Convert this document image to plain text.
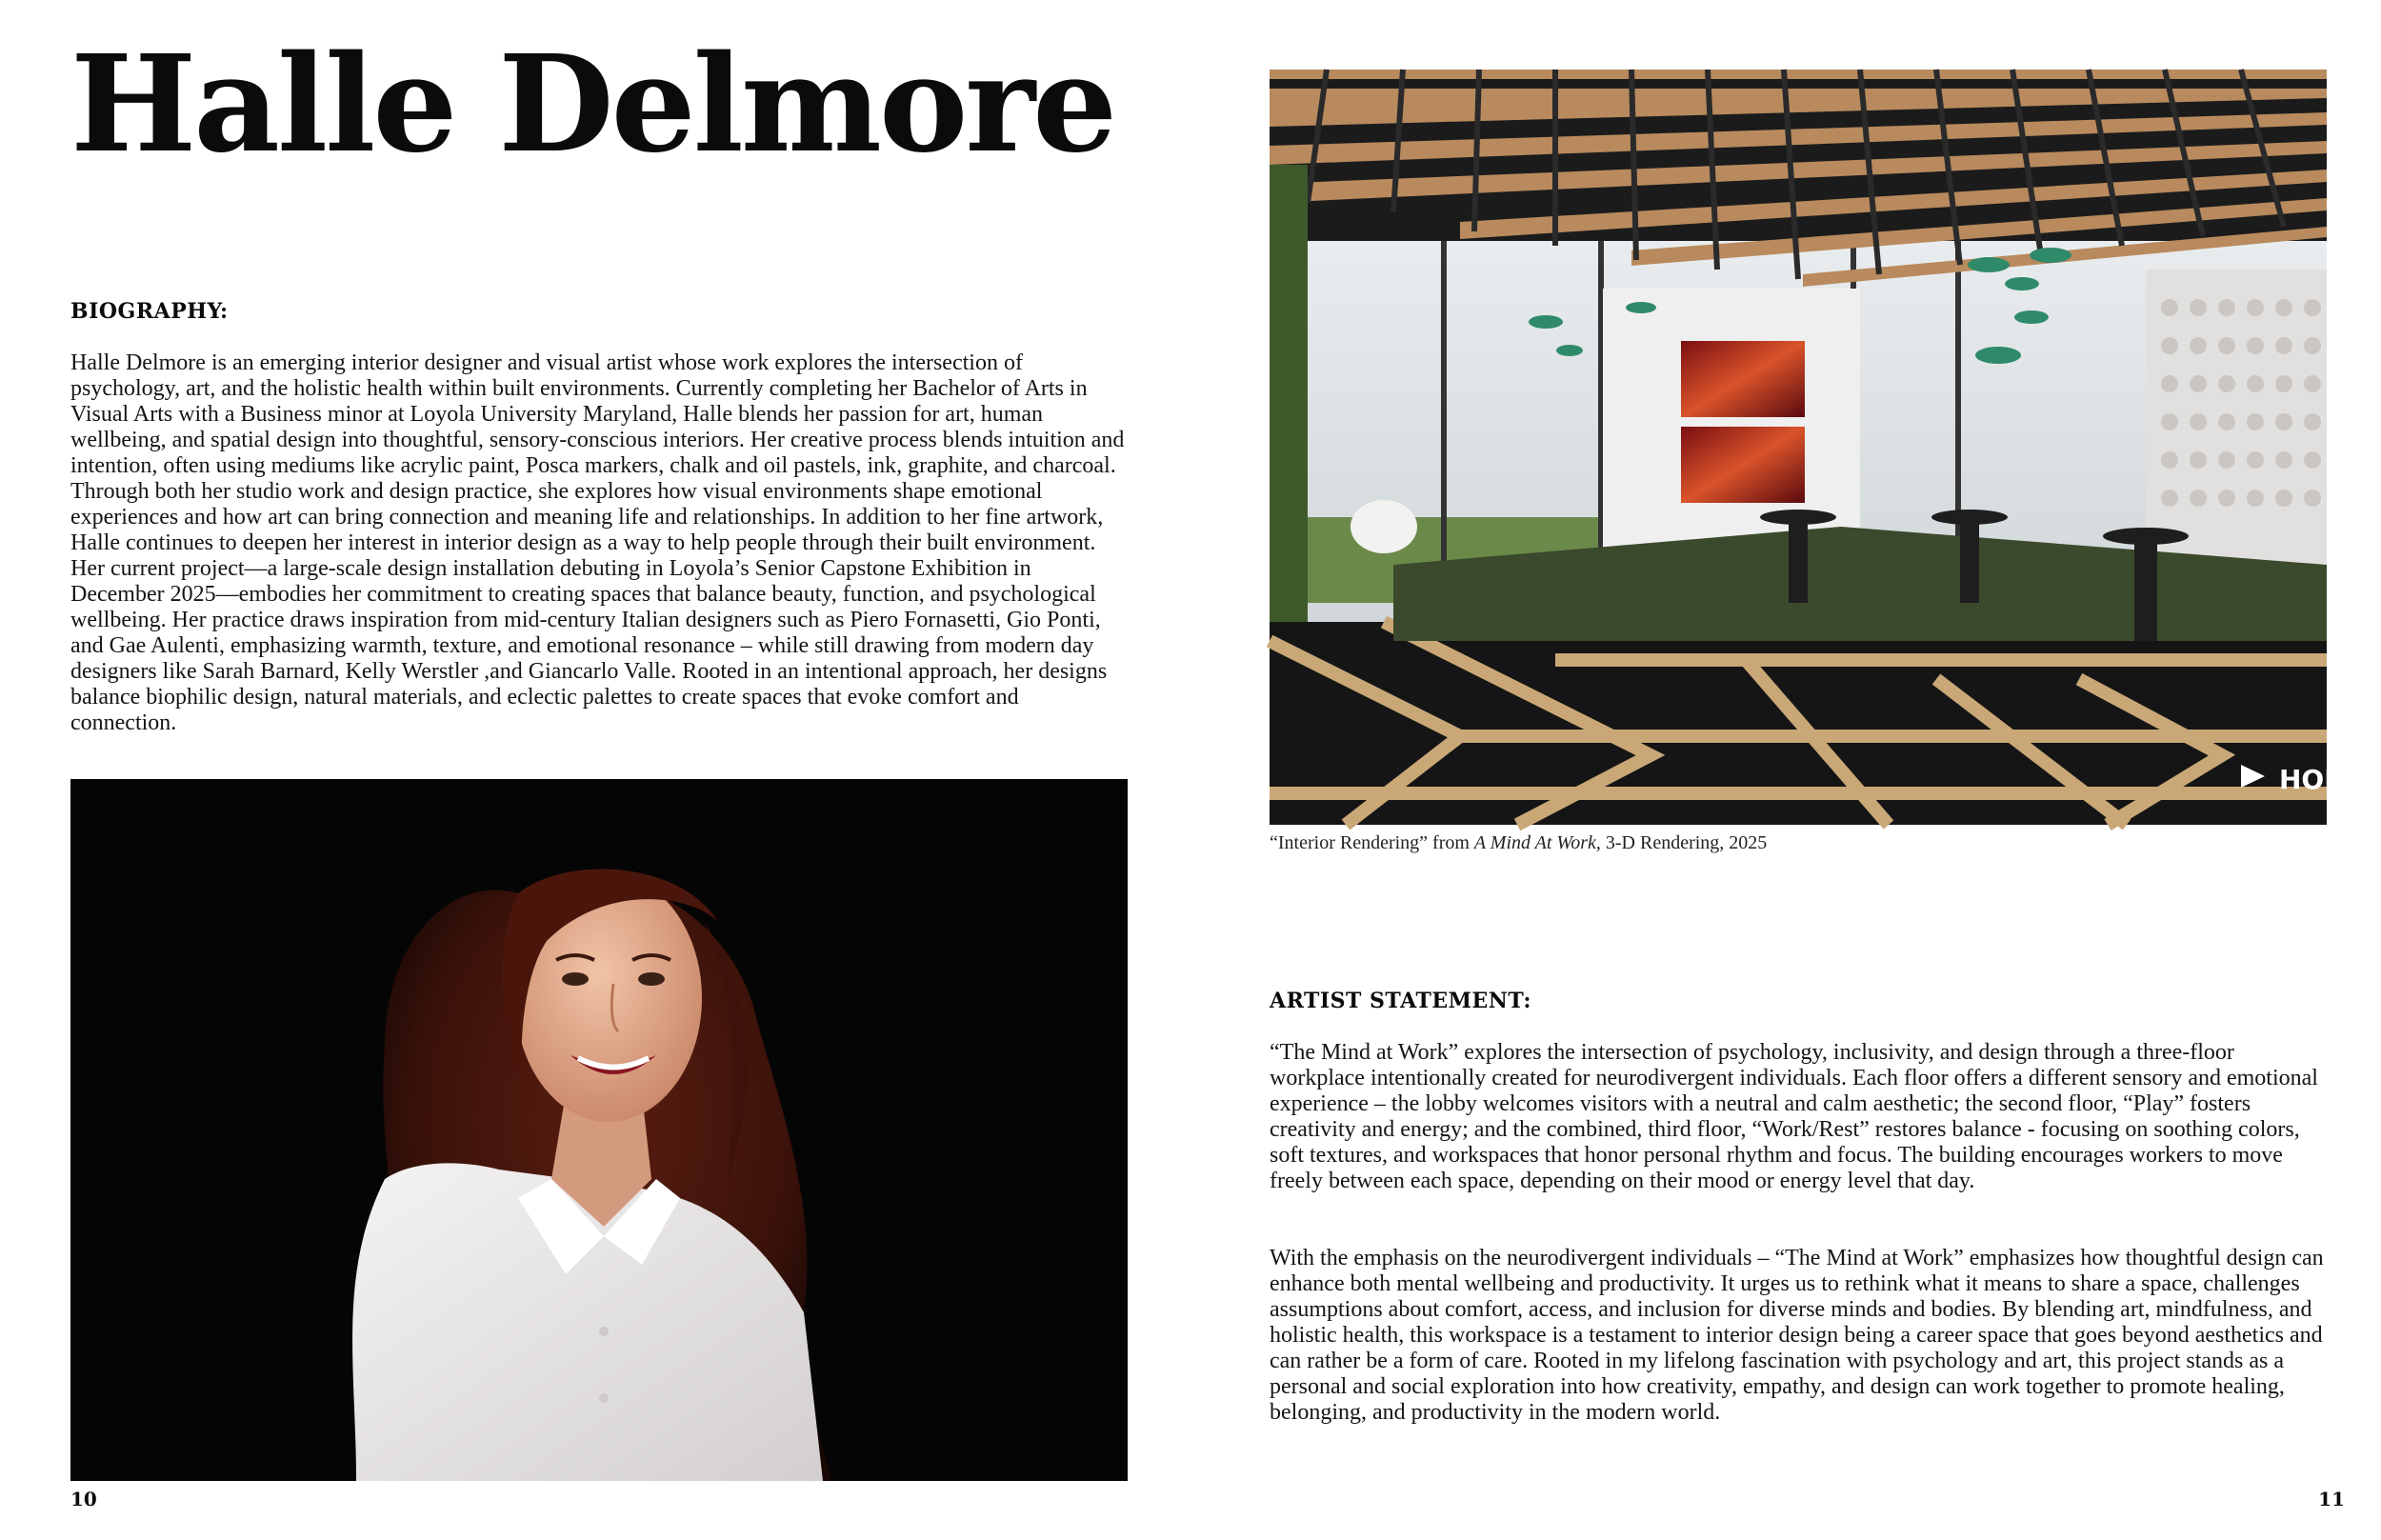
Halle Delmore

BIOGRAPHY:

Halle Delmore is an emerging interior designer and visual artist whose work explores the intersection of psychology, art, and the holistic health within built environments. Currently completing her Bachelor of Arts in Visual Arts with a Business minor at Loyola University Maryland, Halle blends her passion for art, human wellbeing, and spatial design into thoughtful, sensory-conscious interiors. Her creative process blends intuition and intention, often using mediums like acrylic paint, Posca markers, chalk and oil pastels, ink, graphite, and charcoal. Through both her studio work and design practice, she explores how visual environments shape emotional experiences and how art can bring connection and meaning life and relationships. In addition to her fine artwork, Halle continues to deepen her interest in interior design as a way to help people through their built environment. Her current project—a large-scale design installation debuting in Loyola’s Senior Capstone Exhibition in December 2025—embodies her commitment to creating spaces that balance beauty, function, and psychological wellbeing. Her practice draws inspiration from mid-century Italian designers such as Piero Fornasetti, Gio Ponti, and Gae Aulenti, emphasizing warmth, texture, and emotional resonance – while still drawing from modern day designers like Sarah Barnard, Kelly Werstler ,and Giancarlo Valle. Rooted in an intentional approach, her designs balance biophilic design, natural materials, and eclectic palettes to create spaces that evoke comfort and connection.

10

HOM

“Interior Rendering” from A Mind At Work, 3-D Rendering, 2025

ARTIST STATEMENT:

“The Mind at Work” explores the intersection of psychology, inclusivity, and design through a three-floor workplace intentionally created for neurodivergent individuals. Each floor offers a different sensory and emotional experience – the lobby welcomes visitors with a neutral and calm aesthetic; the second floor, “Play” fosters creativity and energy; and the combined, third floor, “Work/Rest” restores balance - focusing on soothing colors, soft textures, and workspaces that honor personal rhythm and focus. The building encourages workers to move freely between each space, depending on their mood or energy level that day.

With the emphasis on the neurodivergent individuals – “The Mind at Work” emphasizes how thoughtful design can enhance both mental wellbeing and productivity. It urges us to rethink what it means to share a space, challenges assumptions about comfort, access, and inclusion for diverse minds and bodies. By blending art, mindfulness, and holistic health, this workspace is a testament to interior design being a career space that goes beyond aesthetics and can rather be a form of care. Rooted in my lifelong fascination with psychology and art, this project stands as a personal and social exploration into how creativity, empathy, and design can work together to promote healing, belonging, and productivity in the modern world.

11
